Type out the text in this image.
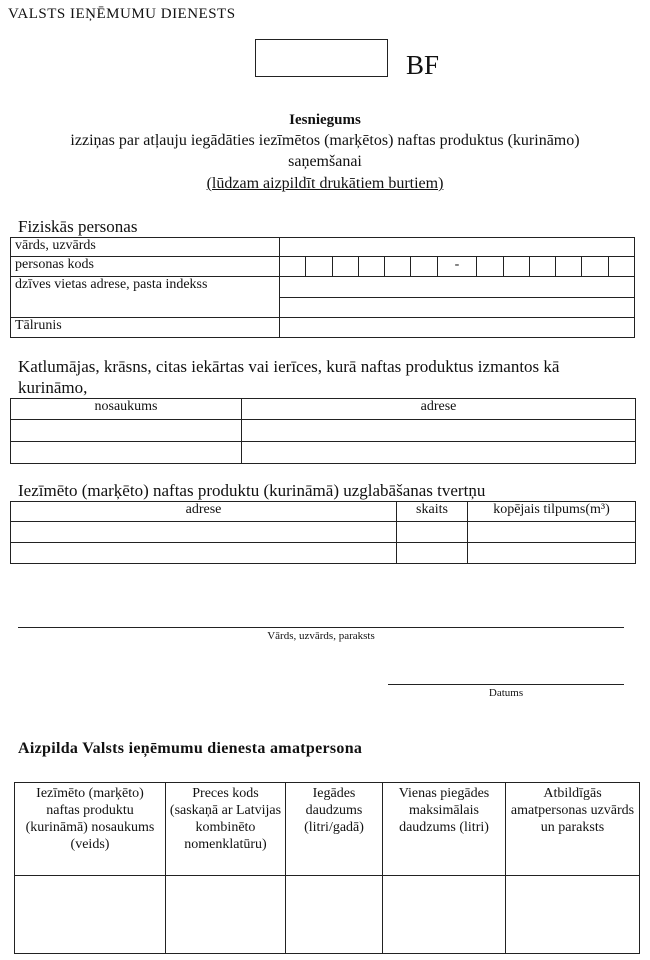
VALSTS IEŅĒMUMU DIENESTS
BF
Iesniegums
izziņas par atļauju iegādāties iezīmētos (marķētos) naftas produktus (kurināmo)
saņemšanai
(lūdzam aizpildīt drukātiem burtiem)
Fiziskās personas
vārds, uzvārds													
personas kods							-						
dzīves vietas adrese, pasta indekss													

Tālrunis													
Katlumājas, krāsns, citas iekārtas vai ierīces, kurā naftas produktus izmantos kā
kurināmo,
nosaukums	adrese

Iezīmēto (marķēto) naftas produktu (kurināmā) uzglabāšanas tvertņu
adrese	skaits	kopējais tilpums(m³)

Vārds, uzvārds, paraksts
Datums
Aizpilda Valsts ieņēmumu dienesta amatpersona
Iezīmēto (marķēto) naftas produktu (kurināmā) nosaukums (veids)	Preces kods (saskaņā ar Latvijas kombinēto nomenklatūru)	Iegādes daudzums (litri/gadā)	Vienas piegādes maksimālais daudzums (litri)	Atbildīgās amatpersonas uzvārds un paraksts
